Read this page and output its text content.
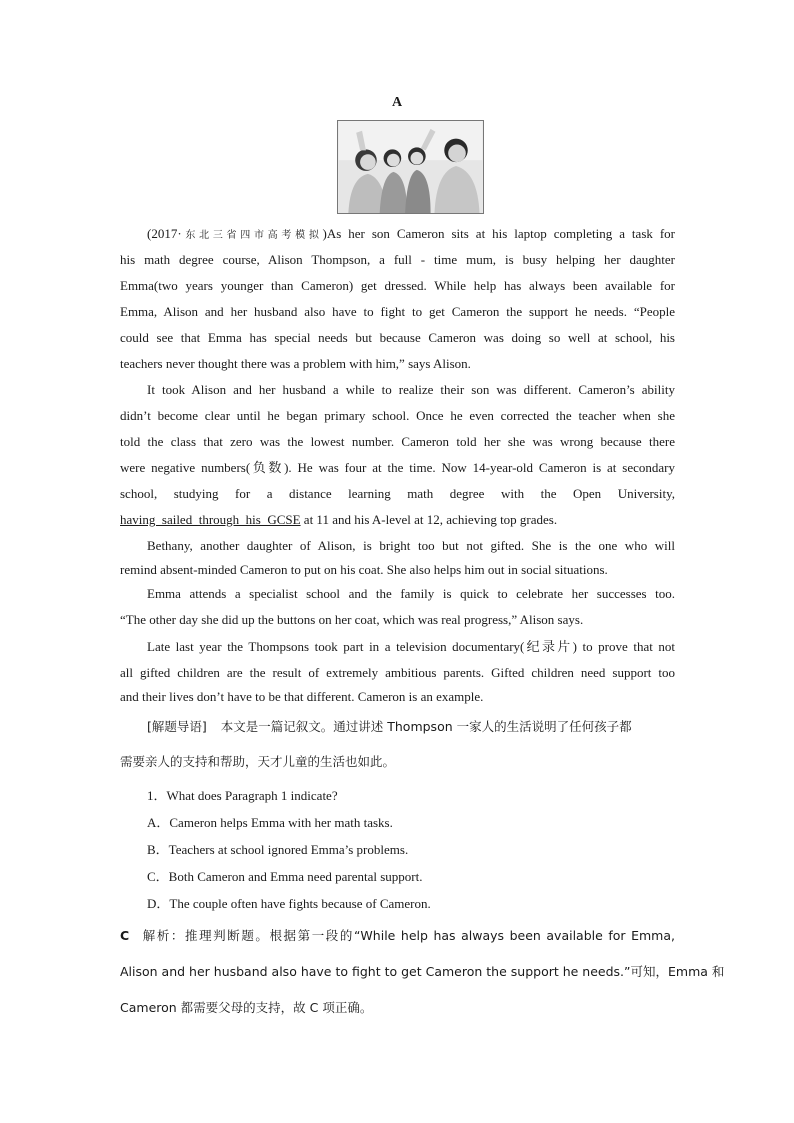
A
(2017·东北三省四市高考模拟)As her son Cameron sits at his laptop completing a task for
his math degree course, Alison Thompson, a full - time mum, is busy helping her daughter
Emma(two years younger than Cameron) get dressed. While help has always been available for
Emma, Alison and her husband also have to fight to get Cameron the support he needs. “People
could see that Emma has special needs but because Cameron was doing so well at school, his
teachers never thought there was a problem with him,” says Alison.
It took Alison and her husband a while to realize their son was different. Cameron’s ability
didn’t become clear until he began primary school. Once he even corrected the teacher when she
told the class that zero was the lowest number. Cameron told her she was wrong because there
were negative numbers(负数). He was four at the time. Now 14-year-old Cameron is at secondary
school, studying for a distance learning math degree with the Open University,
having  sailed  through  his  GCSE at 11 and his A-level at 12, achieving top grades.
Bethany, another daughter of Alison, is bright too but not gifted. She is the one who will
remind absent-minded Cameron to put on his coat. She also helps him out in social situations.
Emma attends a specialist school and the family is quick to celebrate her successes too.
“The other day she did up the buttons on her coat, which was real progress,” Alison says.
Late last year the Thompsons took part in a television documentary(纪录片) to prove that not
all gifted children are the result of extremely ambitious parents. Gifted children need support too
and their lives don’t have to be that different. Cameron is an example.
[解题导语] 本文是一篇记叙文。通过讲述 Thompson 一家人的生活说明了任何孩子都
需要亲人的支持和帮助，天才儿童的生活也如此。
1．What does Paragraph 1 indicate?
A．Cameron helps Emma with her math tasks.
B．Teachers at school ignored Emma’s problems.
C．Both Cameron and Emma need parental support.
D．The couple often have fights because of Cameron.
C 解析：推理判断题。根据第一段的“While help has always been available for Emma,
Alison and her husband also have to fight to get Cameron the support he needs.”可知，Emma 和
Cameron 都需要父母的支持，故 C 项正确。
